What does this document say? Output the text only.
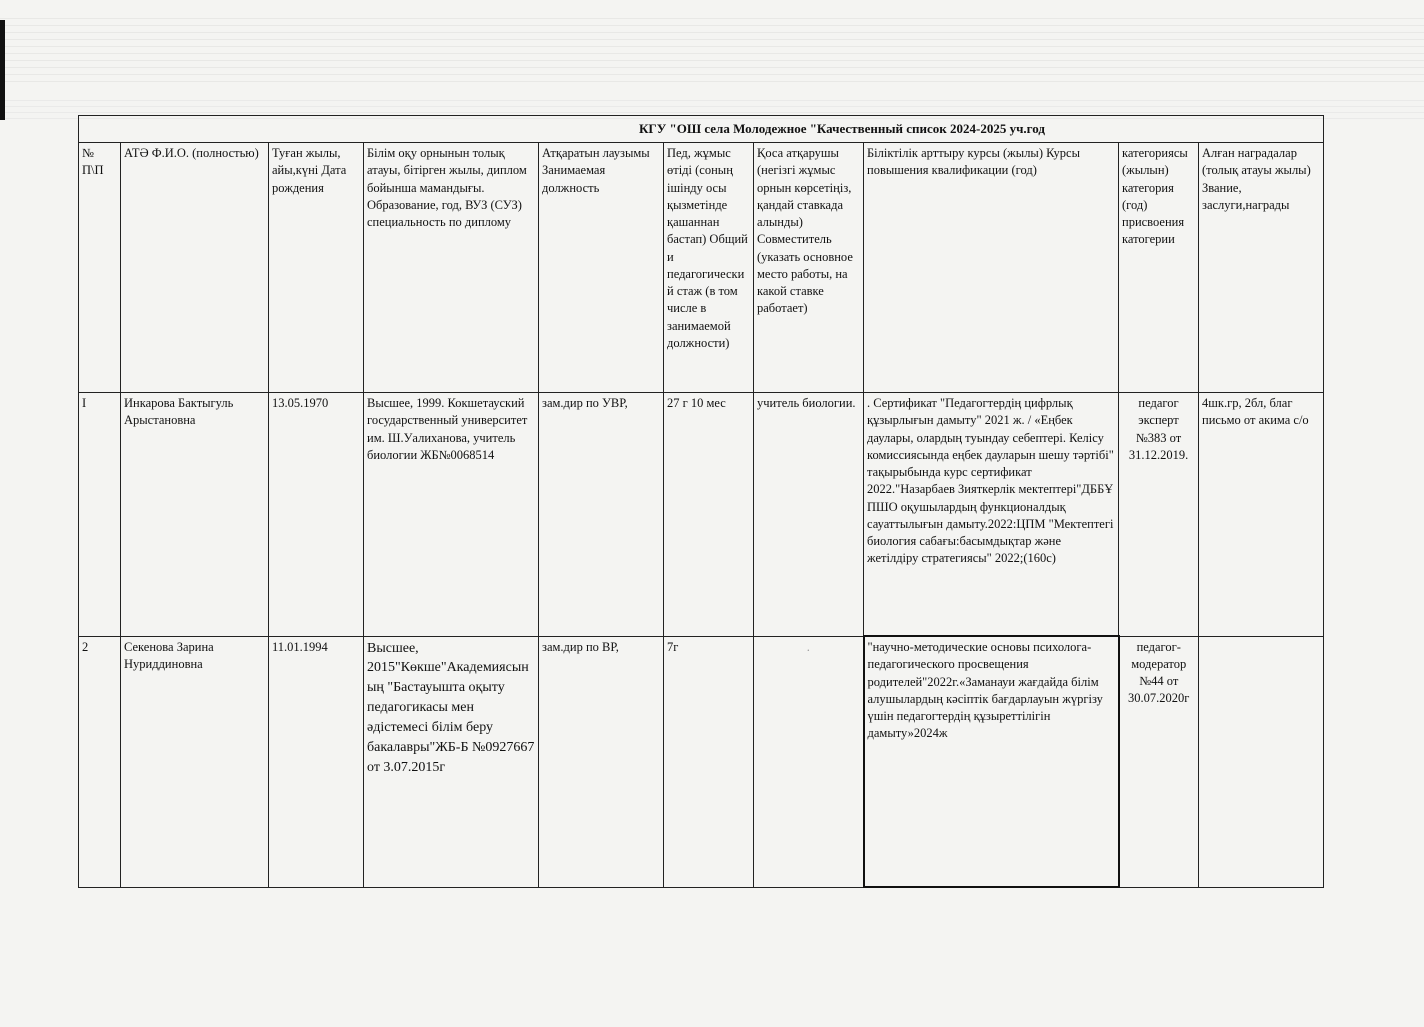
КГУ "ОШ села Молодежное "Качественный список 2024-2025 уч.год									
№ П\П	АТӘ Ф.И.О. (полностью)	Туған жылы, айы,күні Дата рождения	Білім оқу орнынын толық атауы, бітірген жылы, диплом бойынша мамандығы. Образование, год, ВУЗ (СУЗ) специальность по диплому	Атқаратын лаузымы Занимаемая должность	Пед, жұмыс өтіді (соның ішінду осы қызметінде қашаннан бастап) Общий и педагогический стаж (в том числе в занимаемой должности)	Қоса атқарушы (негізгі жұмыс орнын көрсетіңіз, қандай ставкада алынды) Совместитель (указать основное место работы, на какой ставке работает)	Біліктілік арттыру курсы (жылы) Курсы повышения квалификации (год)	категориясы (жылын) категория (год) присвоения катогерии	Алған наградалар (толық атауы жылы) Звание, заслуги,награды
I	Инкарова Бактыгуль Арыстановна	13.05.1970	Высшее, 1999. Кокшетауский государственный университет им. Ш.Уалиханова, учитель биологии ЖБ№0068514	зам.дир по УВР,	27 г 10 мес	учитель биологии.	. Сертификат "Педагогтердің цифрлық құзырлығын дамыту" 2021 ж. / «Еңбек даулары, олардың туындау себептері. Келісу комиссиясында еңбек дауларын шешу тәртібі" тақырыбында курс сертификат 2022."Назарбаев Зияткерлік мектептері"ДББҰ ПШО оқушылардың функционалдық сауаттылығын дамыту.2022:ЦПМ "Мектептегі биология сабағы:басымдықтар және жетілдіру стратегиясы" 2022;(160с)	педагог эксперт №383 от 31.12.2019.	4шк.гр, 2бл, благ письмо от акима с/о
2	Секенова Зарина Нуриддиновна	11.01.1994	Высшее, 2015"Көкше"Академиясының "Бастауышта оқыту педагогикасы мен әдістемесі білім беру бакалавры"ЖБ-Б №0927667 от 3.07.2015г	зам.дир по ВР,	7г	.	"научно-методические основы психолога-педагогического просвещения родителей"2022г.«Заманауи жағдайда білім алушылардың кәсіптік бағдарлауын жүргізу үшін педагогтердің құзыреттілігін дамыту»2024ж	педагог-модератор №44 от 30.07.2020г	
